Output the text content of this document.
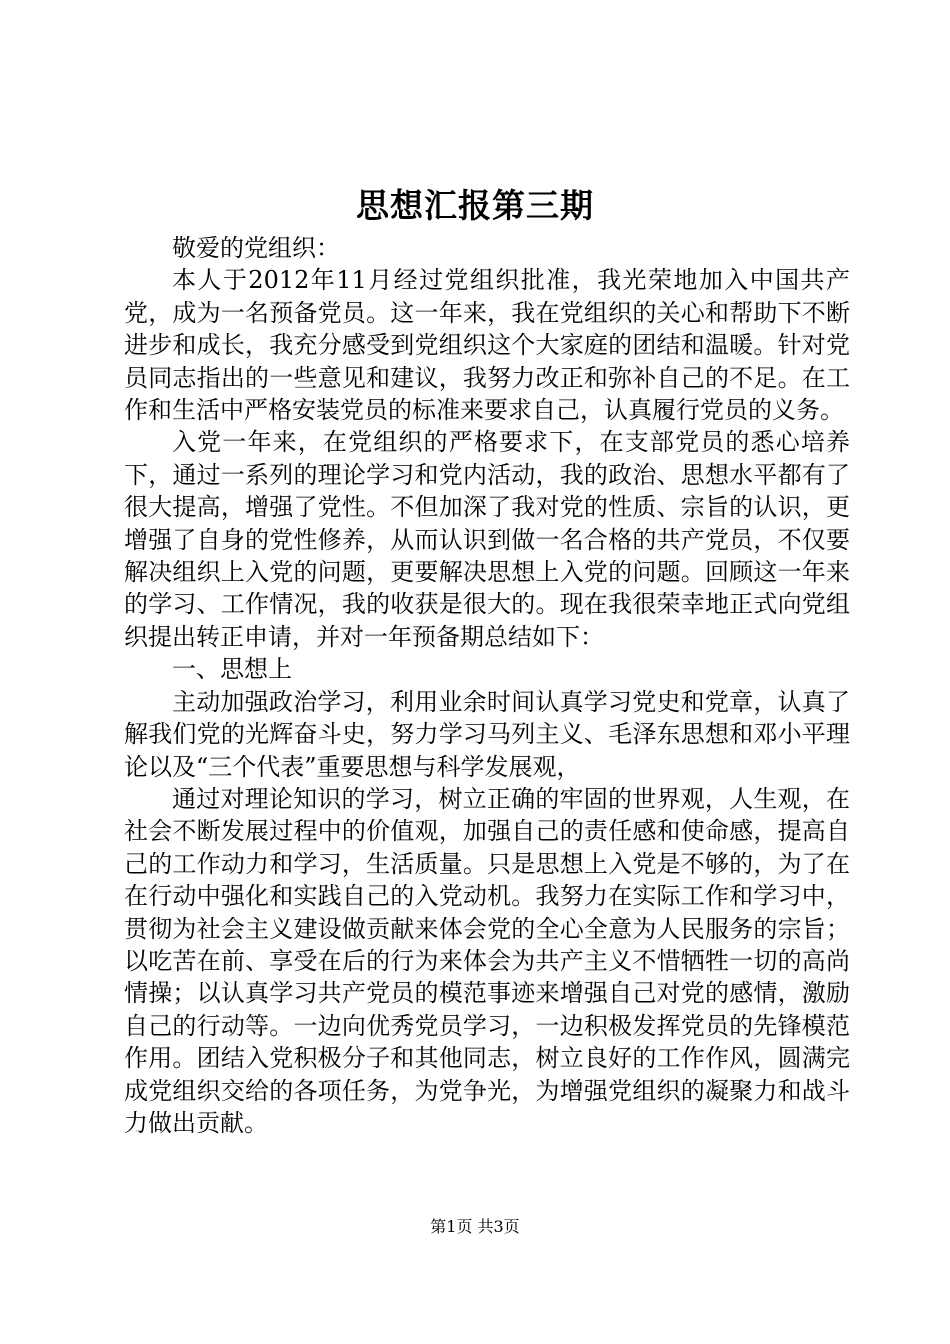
思想汇报第三期

敬爱的党组织：

本人于2012年11月经过党组织批准，我光荣地加入中国共产党，成为一名预备党员。这一年来，我在党组织的关心和帮助下不断进步和成长，我充分感受到党组织这个大家庭的团结和温暖。针对党员同志指出的一些意见和建议，我努力改正和弥补自己的不足。在工作和生活中严格安装党员的标准来要求自己，认真履行党员的义务。

入党一年来，在党组织的严格要求下，在支部党员的悉心培养下，通过一系列的理论学习和党内活动，我的政治、思想水平都有了很大提高，增强了党性。不但加深了我对党的性质、宗旨的认识，更增强了自身的党性修养，从而认识到做一名合格的共产党员，不仅要解决组织上入党的问题，更要解决思想上入党的问题。回顾这一年来的学习、工作情况，我的收获是很大的。现在我很荣幸地正式向党组织提出转正申请，并对一年预备期总结如下：

一、思想上

主动加强政治学习，利用业余时间认真学习党史和党章，认真了解我们党的光辉奋斗史，努力学习马列主义、毛泽东思想和邓小平理论以及“三个代表”重要思想与科学发展观，

通过对理论知识的学习，树立正确的牢固的世界观，人生观，在社会不断发展过程中的价值观，加强自己的责任感和使命感，提高自己的工作动力和学习，生活质量。只是思想上入党是不够的，为了在在行动中强化和实践自己的入党动机。我努力在实际工作和学习中，贯彻为社会主义建设做贡献来体会党的全心全意为人民服务的宗旨；以吃苦在前、享受在后的行为来体会为共产主义不惜牺牲一切的高尚情操；以认真学习共产党员的模范事迹来增强自己对党的感情，激励自己的行动等。一边向优秀党员学习，一边积极发挥党员的先锋模范作用。团结入党积极分子和其他同志，树立良好的工作作风，圆满完成党组织交给的各项任务，为党争光，为增强党组织的凝聚力和战斗力做出贡献。

第1页 共3页
